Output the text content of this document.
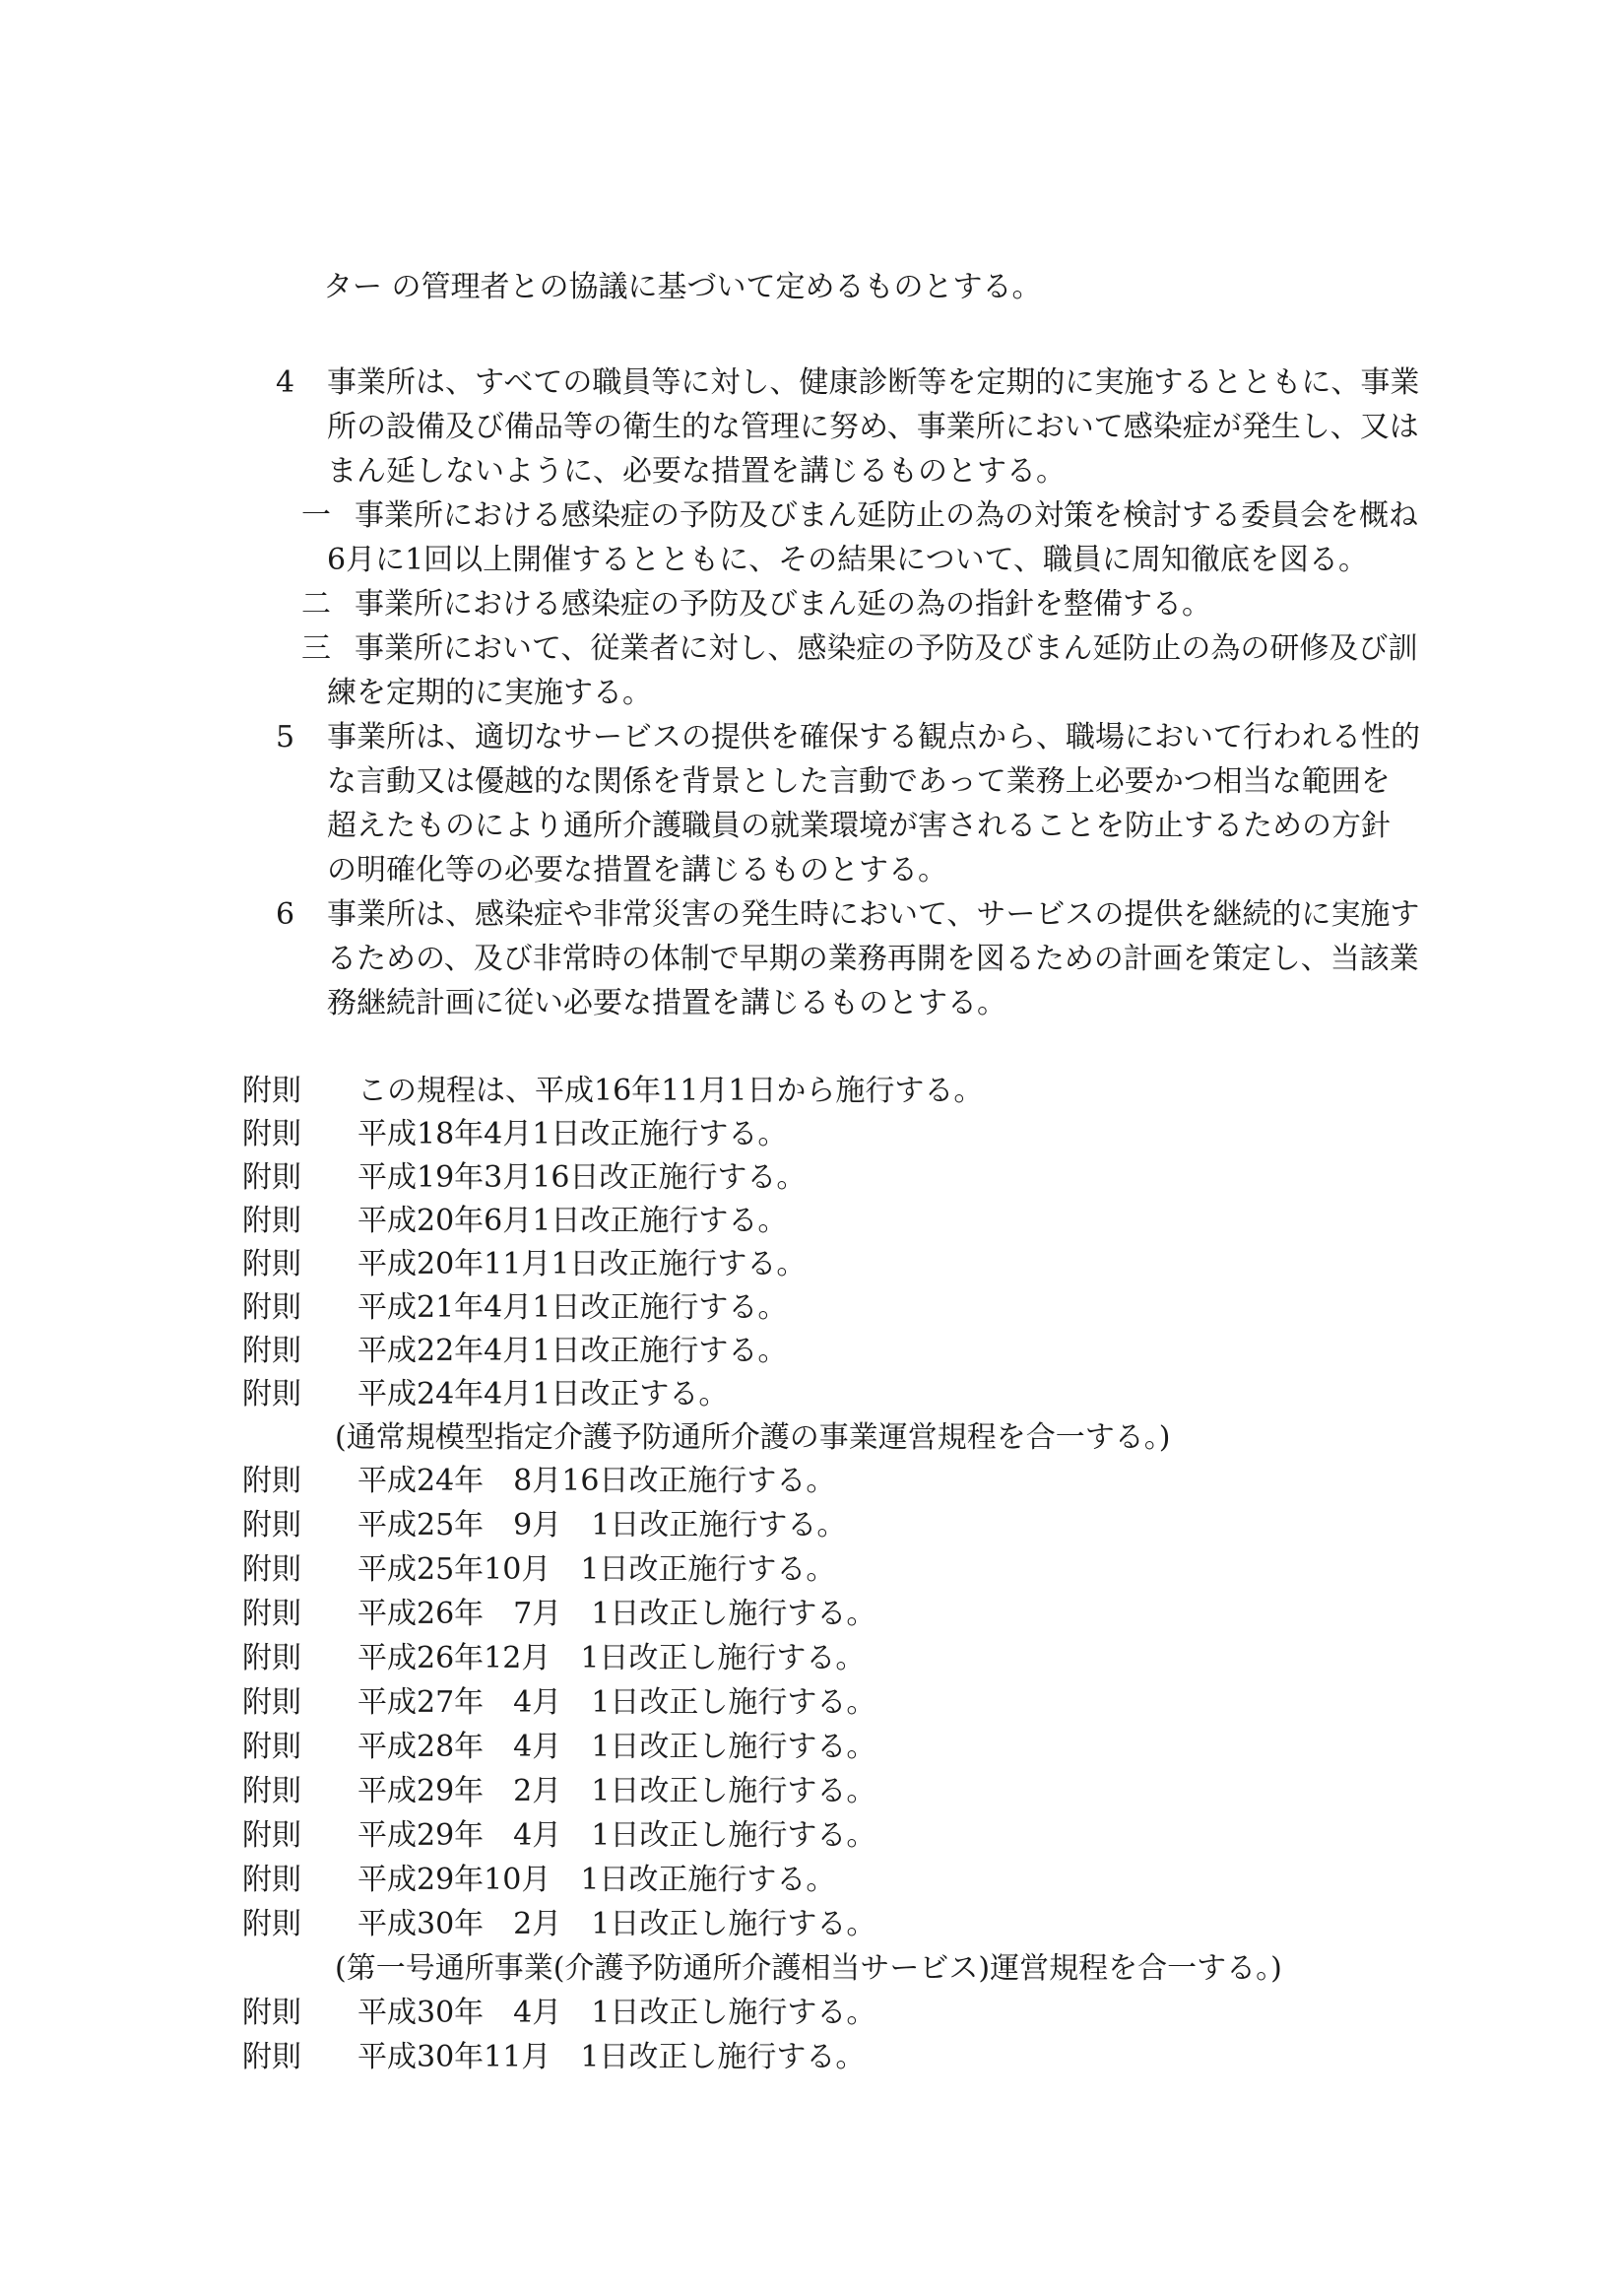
ター の管理者との協議に基づいて定めるものとする。
4 事業所は、すべての職員等に対し、健康診断等を定期的に実施するとともに、事業
所の設備及び備品等の衛生的な管理に努め、事業所において感染症が発生し、又は
まん延しないように、必要な措置を講じるものとする。
一 事業所における感染症の予防及びまん延防止の為の対策を検討する委員会を概ね
6月に1回以上開催するとともに、その結果について、職員に周知徹底を図る。
二 事業所における感染症の予防及びまん延の為の指針を整備する。
三 事業所において、従業者に対し、感染症の予防及びまん延防止の為の研修及び訓
練を定期的に実施する。
5 事業所は、適切なサービスの提供を確保する観点から、職場において行われる性的
な言動又は優越的な関係を背景とした言動であって業務上必要かつ相当な範囲を
超えたものにより通所介護職員の就業環境が害されることを防止するための方針
の明確化等の必要な措置を講じるものとする。
6 事業所は、感染症や非常災害の発生時において、サービスの提供を継続的に実施す
るための、及び非常時の体制で早期の業務再開を図るための計画を策定し、当該業
務継続計画に従い必要な措置を講じるものとする。
附則 この規程は、平成16年11月1日から施行する。
附則 平成18年4月1日改正施行する。
附則 平成19年3月16日改正施行する。
附則 平成20年6月1日改正施行する。
附則 平成20年11月1日改正施行する。
附則 平成21年4月1日改正施行する。
附則 平成22年4月1日改正施行する。
附則 平成24年4月1日改正する。
(通常規模型指定介護予防通所介護の事業運営規程を合一する。)
附則 平成24年　8月16日改正施行する。
附則 平成25年　9月　1日改正施行する。
附則 平成25年10月　1日改正施行する。
附則 平成26年　7月　1日改正し施行する。
附則 平成26年12月　1日改正し施行する。
附則 平成27年　4月　1日改正し施行する。
附則 平成28年　4月　1日改正し施行する。
附則 平成29年　2月　1日改正し施行する。
附則 平成29年　4月　1日改正し施行する。
附則 平成29年10月　1日改正施行する。
附則 平成30年　2月　1日改正し施行する。
(第一号通所事業(介護予防通所介護相当サービス)運営規程を合一する。)
附則 平成30年　4月　1日改正し施行する。
附則 平成30年11月　1日改正し施行する。
